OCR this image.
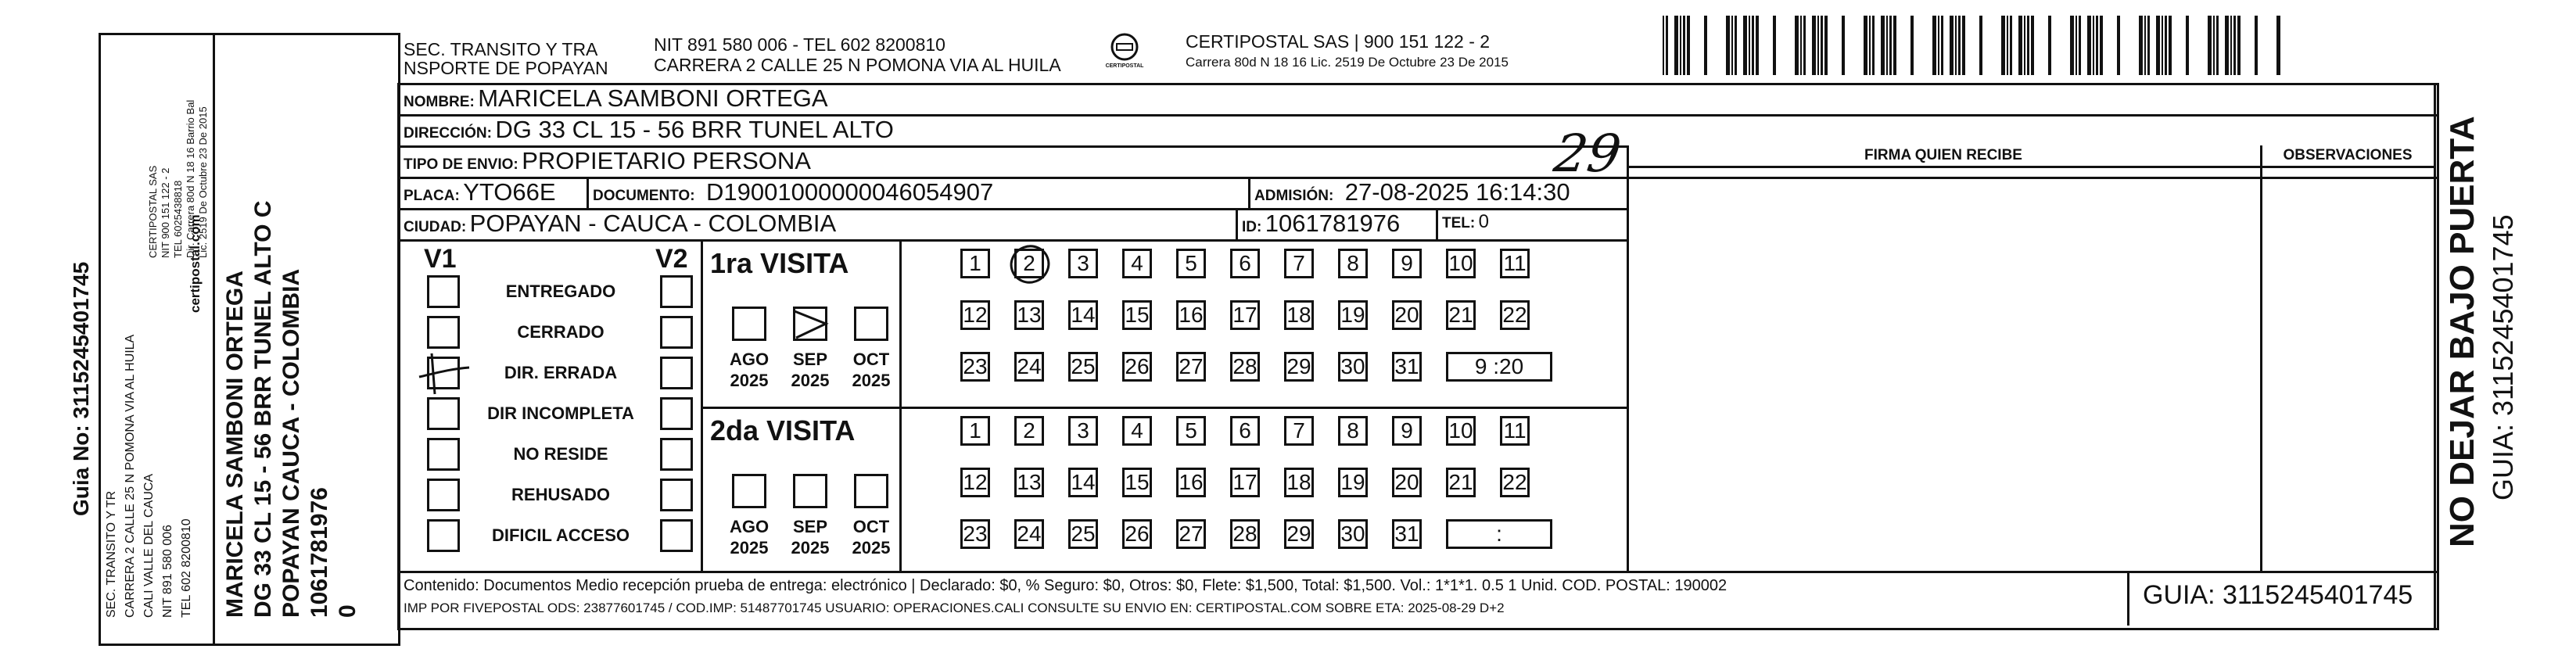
Guia No: 3115245401745
SEC. TRANSITO Y TR CARRERA 2 CALLE 25 N POMONA VIA AL HUILA CALI VALLE DEL CAUCA NIT 891 580 006 TEL 602 8200810
CERTIPOSTAL SAS NIT 900 151 122 - 2 TEL 6025438818 Dir. Carrera 80d N 18 16 Barrio Bal Lic. 2519 De Octubre 23 De 2015
certipostal.com
MARICELA SAMBONI ORTEGA DG 33 CL 15 - 56 BRR TUNEL ALTO C POPAYAN CAUCA - COLOMBIA 1061781976 0
SEC. TRANSITO Y TRA
NSPORTE DE POPAYAN
NIT 891 580 006 - TEL 602 8200810
CARRERA 2 CALLE 25 N POMONA VIA AL HUILA	CERTIPOSTAL
CERTIPOSTAL SAS | 900 151 122 - 2
Carrera 80d N 18 16 Lic. 2519 De Octubre 23 De 2015
NOMBRE: MARICELA SAMBONI ORTEGA
DIRECCIÓN: DG 33 CL 15 - 56 BRR TUNEL ALTO
TIPO DE ENVIO: PROPIETARIO PERSONA	29	FIRMA QUIEN RECIBE	OBSERVACIONES
PLACA: YTO66E DOCUMENTO: D19001000000046054907	ADMISIÓN: 27-08-2025 16:14:30
CIUDAD: POPAYAN - CAUCA - COLOMBIA	ID: 1061781976	TEL: 0
V1	V2
ENTREGADO
CERRADO
DIR. ERRADA
DIR INCOMPLETA
NO RESIDE
REHUSADO
DIFICIL ACCESO
1ra VISITA
AGO
2025
SEP
2025
OCT
2025
1	2	3	4	5	6	7	8	9	10 11
12 13 14 15 16 17 18 19 20 21 22
23 24 25 26 27 28 29 30 31	9 :20
2da VISITA
AGO
2025
SEP
2025
OCT
2025
1	2	3	4	5	6	7	8	9	10 11
12 13 14 15 16 17 18 19 20 21 22
23 24 25 26 27 28 29 30 31	:
Contenido: Documentos Medio recepción prueba de entrega: electrónico | Declarado: $0, % Seguro: $0, Otros: $0, Flete: $1,500, Total: $1,500. Vol.: 1*1*1. 0.5 1 Unid. COD. POSTAL: 190002
IMP POR FIVEPOSTAL ODS: 23877601745 / COD.IMP: 51487701745 USUARIO: OPERACIONES.CALI CONSULTE SU ENVIO EN: CERTIPOSTAL.COM SOBRE ETA: 2025-08-29 D+2	GUIA: 3115245401745
NO DEJAR BAJO PUERTA GUIA: 3115245401745
